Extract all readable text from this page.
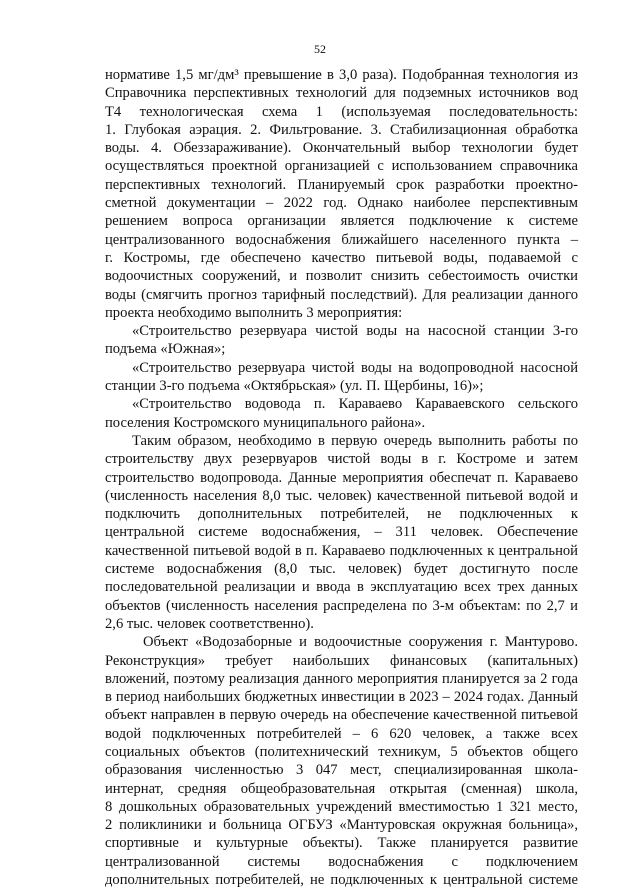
52
нормативе 1,5 мг/дм³ превышение в 3,0 раза). Подобранная технология из
Справочника перспективных технологий для подземных источников вод
Т4 технологическая схема 1 (используемая последовательность:
1. Глубокая аэрация. 2. Фильтрование. 3. Стабилизационная обработка
воды. 4. Обеззараживание). Окончательный выбор технологии будет
осуществляться проектной организацией с использованием справочника
перспективных технологий. Планируемый срок разработки проектно-
сметной документации – 2022 год. Однако наиболее перспективным
решением вопроса организации является подключение к системе
централизованного водоснабжения ближайшего населенного пункта –
г. Костромы, где обеспечено качество питьевой воды, подаваемой с
водоочистных сооружений, и позволит снизить себестоимость очистки
воды (смягчить прогноз тарифный последствий). Для реализации данного
проекта необходимо выполнить 3 мероприятия:
«Строительство резервуара чистой воды на насосной станции 3-го
подъема «Южная»;
«Строительство резервуара чистой воды на водопроводной насосной
станции 3-го подъема «Октябрьская» (ул. П. Щербины, 16)»;
«Строительство водовода п. Караваево Караваевского сельского
поселения Костромского муниципального района».
Таким образом, необходимо в первую очередь выполнить работы по
строительству двух резервуаров чистой воды в г. Костроме и затем
строительство водопровода. Данные мероприятия обеспечат п. Караваево
(численность населения 8,0 тыс. человек) качественной питьевой водой и
подключить дополнительных потребителей, не подключенных к
центральной системе водоснабжения, – 311 человек. Обеспечение
качественной питьевой водой в п. Караваево подключенных к центральной
системе водоснабжения (8,0 тыс. человек) будет достигнуто после
последовательной реализации и ввода в эксплуатацию всех трех данных
объектов (численность населения распределена по 3-м объектам: по 2,7 и
2,6 тыс. человек соответственно).
Объект «Водозаборные и водоочистные сооружения г. Мантурово.
Реконструкция» требует наибольших финансовых (капитальных)
вложений, поэтому реализация данного мероприятия планируется за 2 года
в период наибольших бюджетных инвестиции в 2023 – 2024 годах. Данный
объект направлен в первую очередь на обеспечение качественной питьевой
водой подключенных потребителей – 6 620 человек, а также всех
социальных объектов (политехнический техникум, 5 объектов общего
образования численностью 3 047 мест, специализированная школа-
интернат, средняя общеобразовательная открытая (сменная) школа,
8 дошкольных образовательных учреждений вместимостью 1 321 место,
2 поликлиники и больница ОГБУЗ «Мантуровская окружная больница»,
спортивные и культурные объекты). Также планируется развитие
централизованной системы водоснабжения с подключением
дополнительных потребителей, не подключенных к центральной системе
